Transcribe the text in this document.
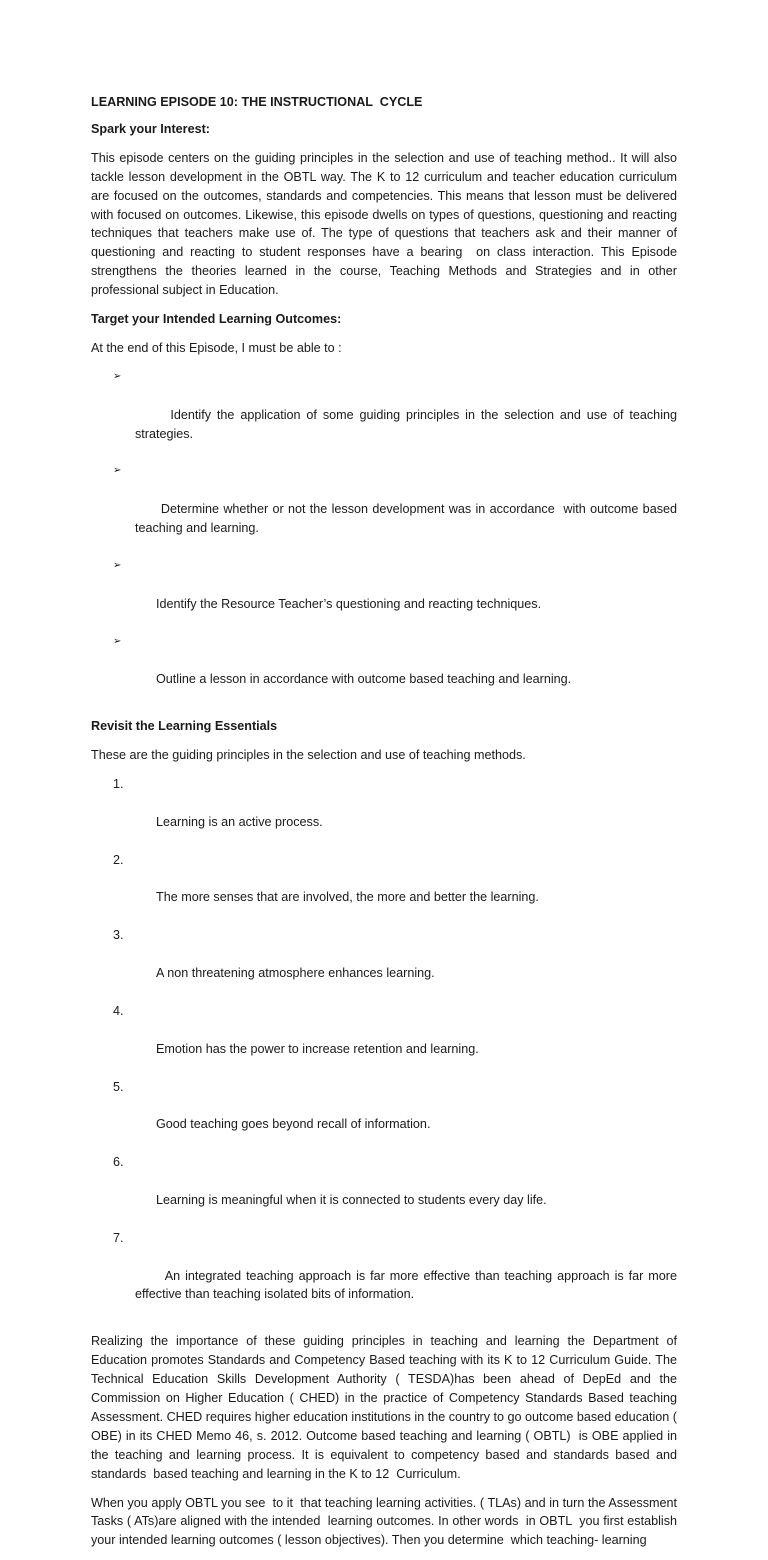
LEARNING EPISODE 10: THE INSTRUCTIONAL  CYCLE
Spark your Interest:

This episode centers on the guiding principles in the selection and use of teaching method.. It will also tackle lesson development in the OBTL way. The K to 12 curriculum and teacher education curriculum are focused on the outcomes, standards and competencies. This means that lesson must be delivered with focused on outcomes. Likewise, this episode dwells on types of questions, questioning and reacting techniques that teachers make use of. The type of questions that teachers ask and their manner of questioning and reacting to student responses have a bearing  on class interaction. This Episode strengthens the theories learned in the course, Teaching Methods and Strategies and in other professional subject in Education.

Target your Intended Learning Outcomes:

At the end of this Episode, I must be able to :

➢

Identify the application of some guiding principles in the selection and use of teaching strategies.

➢

Determine whether or not the lesson development was in accordance  with outcome based teaching and learning.

➢

Identify the Resource Teacher’s questioning and reacting techniques.

➢

Outline a lesson in accordance with outcome based teaching and learning.

Revisit the Learning Essentials

These are the guiding principles in the selection and use of teaching methods.

1.

Learning is an active process.

2.

The more senses that are involved, the more and better the learning.

3.

A non threatening atmosphere enhances learning.

4.

Emotion has the power to increase retention and learning.

5.

Good teaching goes beyond recall of information.

6.

Learning is meaningful when it is connected to students every day life.

7.

An integrated teaching approach is far more effective than teaching approach is far more effective than teaching isolated bits of information.

Realizing the importance of these guiding principles in teaching and learning the Department of Education promotes Standards and Competency Based teaching with its K to 12 Curriculum Guide. The Technical Education Skills Development Authority ( TESDA)has been ahead of DepEd and the Commission on Higher Education ( CHED) in the practice of Competency Standards Based teaching Assessment. CHED requires higher education institutions in the country to go outcome based education ( OBE) in its CHED Memo 46, s. 2012. Outcome based teaching and learning ( OBTL)  is OBE applied in the teaching and learning process. It is equivalent to competency based and standards based and standards  based teaching and learning in the K to 12  Curriculum.

When you apply OBTL you see  to it  that teaching learning activities. ( TLAs) and in turn the Assessment Tasks ( ATs)are aligned with the intended  learning outcomes. In other words  in OBTL  you first establish your intended learning outcomes ( lesson objectives). Then you determine  which teaching- learning
